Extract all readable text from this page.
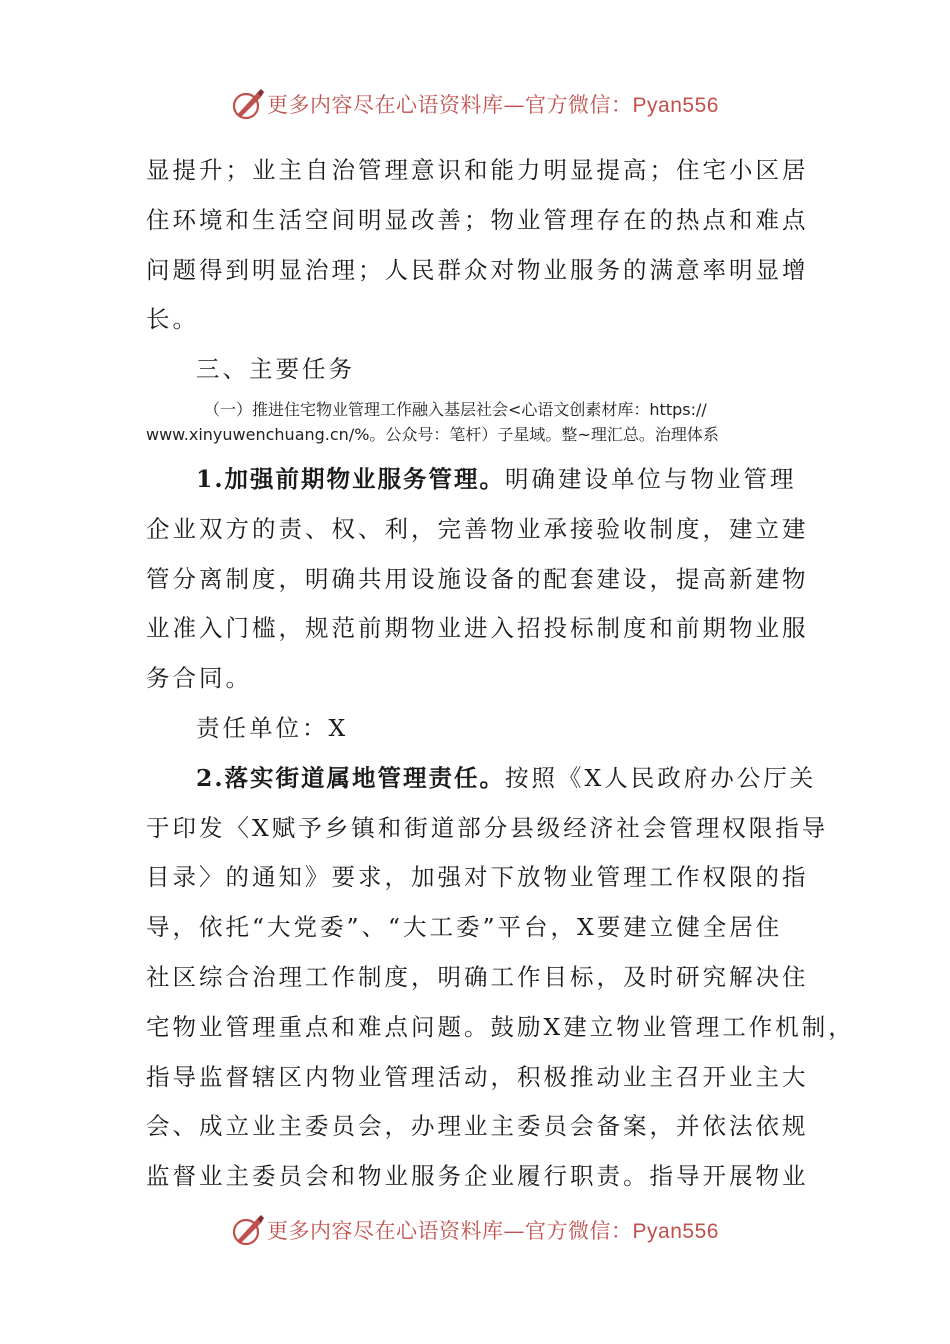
更多内容尽在心语资料库—官方微信：Pyan556
显提升；业主自治管理意识和能力明显提高；住宅小区居
住环境和生活空间明显改善；物业管理存在的热点和难点
问题得到明显治理；人民群众对物业服务的满意率明显增
长。
三、主要任务
（一）推进住宅物业管理工作融入基层社会<心语文创素材库：https://
www.xinyuwenchuang.cn/%。公众号：笔杆）子星域。整~理汇总。治理体系
1.加强前期物业服务管理。明确建设单位与物业管理
企业双方的责、权、利，完善物业承接验收制度，建立建
管分离制度，明确共用设施设备的配套建设，提高新建物
业准入门槛，规范前期物业进入招投标制度和前期物业服
务合同。
责任单位：X
2.落实街道属地管理责任。按照《X人民政府办公厅关
于印发〈X赋予乡镇和街道部分县级经济社会管理权限指导
目录〉的通知》要求，加强对下放物业管理工作权限的指
导，依托“大党委”、“大工委”平台，X要建立健全居住
社区综合治理工作制度，明确工作目标，及时研究解决住
宅物业管理重点和难点问题。鼓励X建立物业管理工作机制，
指导监督辖区内物业管理活动，积极推动业主召开业主大
会、成立业主委员会，办理业主委员会备案，并依法依规
监督业主委员会和物业服务企业履行职责。指导开展物业
更多内容尽在心语资料库—官方微信：Pyan556
